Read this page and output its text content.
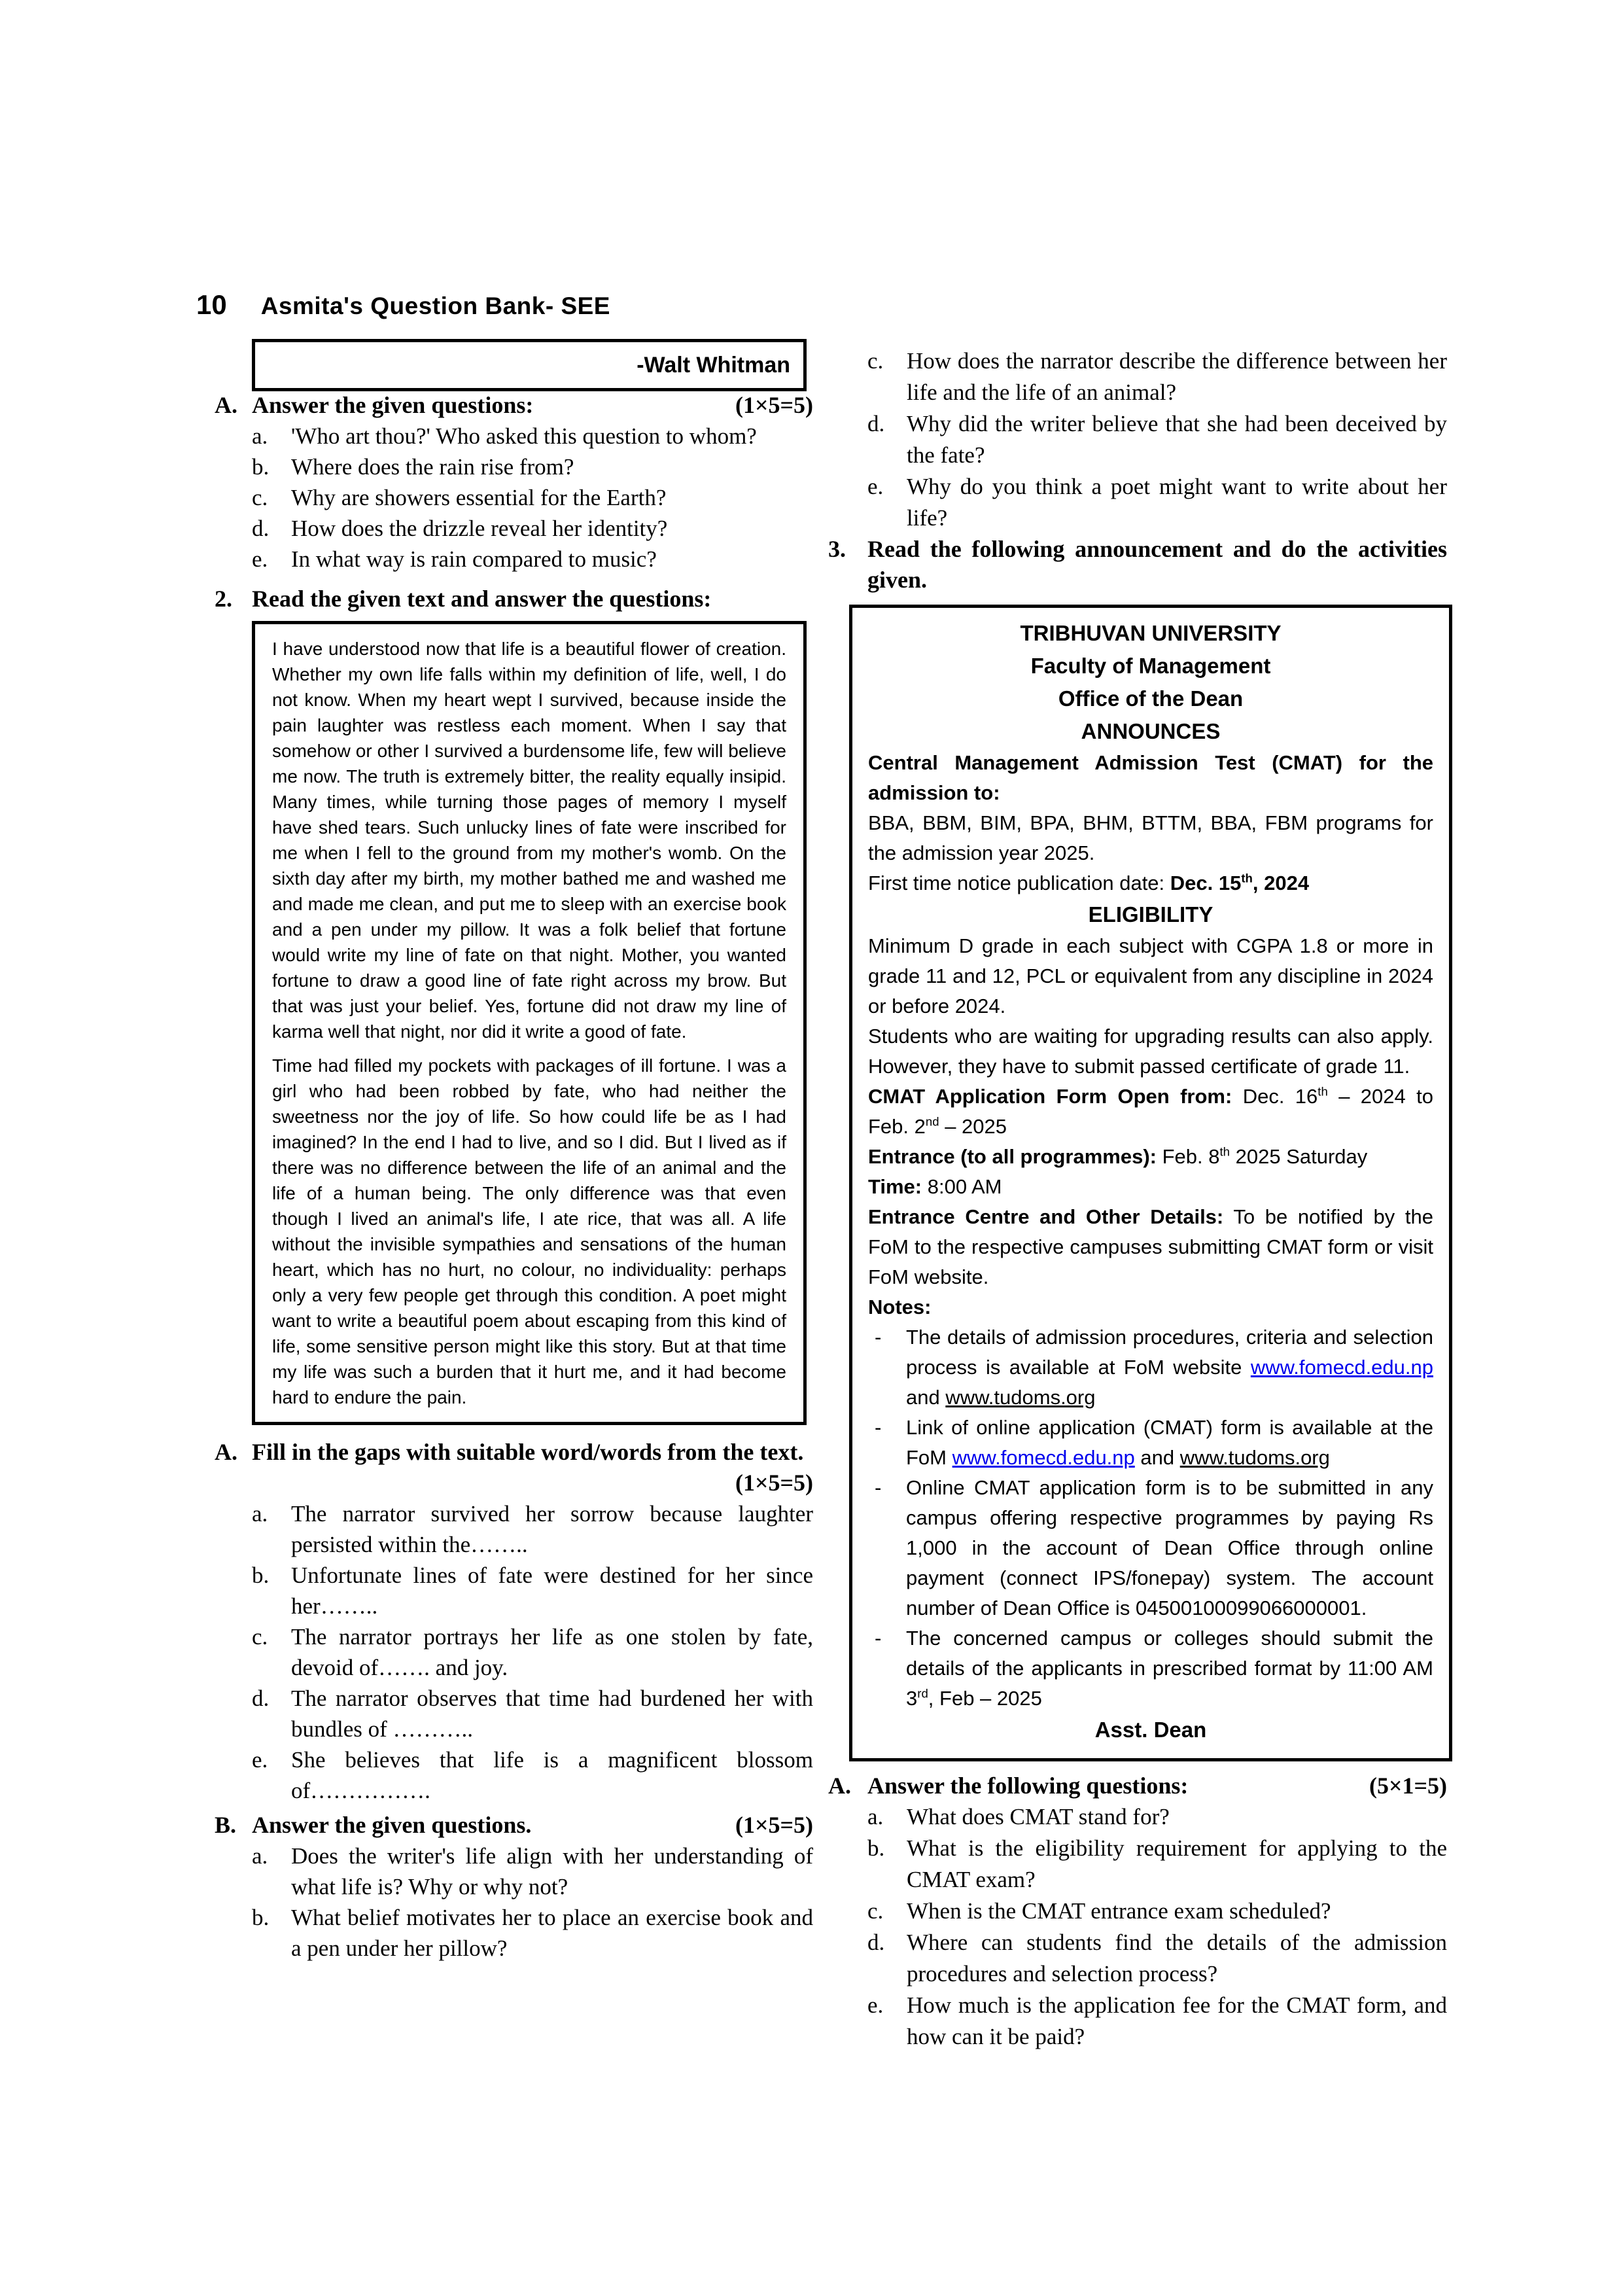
10 Asmita's Question Bank- SEE
-Walt Whitman
A. Answer the given questions:	(1×5=5)
a.	'Who art thou?' Who asked this question to whom?
b. Where does the rain rise from?
c.	Why are showers essential for the Earth?
d. How does the drizzle reveal her identity?
e.	In what way is rain compared to music?
2. Read the given text and answer the questions:

I have understood now that life is a beautiful flower of creation. Whether my own life falls within my definition of life, well, I do not know. When my heart wept I survived, because inside the pain laughter was restless each moment. When I say that somehow or other I survived a burdensome life, few will believe me now. The truth is extremely bitter, the reality equally insipid. Many times, while turning those pages of memory I myself have shed tears. Such unlucky lines of fate were inscribed for me when I fell to the ground from my mother's womb. On the sixth day after my birth, my mother bathed me and washed me and made me clean, and put me to sleep with an exercise book and a pen under my pillow. It was a folk belief that fortune would write my line of fate on that night. Mother, you wanted fortune to draw a good line of fate right across my brow. But that was just your belief. Yes, fortune did not draw my line of karma well that night, nor did it write a good of fate.

Time had filled my pockets with packages of ill fortune. I was a girl who had been robbed by fate, who had neither the sweetness nor the joy of life. So how could life be as I had imagined? In the end I had to live, and so I did. But I lived as if there was no difference between the life of an animal and the life of a human being. The only difference was that even though I lived an animal's life, I ate rice, that was all. A life without the invisible sympathies and sensations of the human heart, which has no hurt, no colour, no individuality: perhaps only a very few people get through this condition. A poet might want to write a beautiful poem about escaping from this kind of life, some sensitive person might like this story. But at that time my life was such a burden that it hurt me, and it had become hard to endure the pain.

A. Fill in the gaps with suitable word/words from the text.
(1×5=5)
a.	The narrator survived her sorrow because laughter persisted within the……..
b. Unfortunate lines of fate were destined for her since her……..
c.	The narrator portrays her life as one stolen by fate, devoid of……. and joy.
d. The narrator observes that time had burdened her with bundles of ………..
e.	She believes that life is a magnificent blossom of…………….
B. Answer the given questions.	(1×5=5)
a.	Does the writer's life align with her understanding of what life is? Why or why not?
b. What belief motivates her to place an exercise book and a pen under her pillow?
c.	How does the narrator describe the difference between her life and the life of an animal?
d. Why did the writer believe that she had been deceived by the fate?
e.	Why do you think a poet might want to write about her life?
3. Read the following announcement and do the activities given.
TRIBHUVAN UNIVERSITY
Faculty of Management
Office of the Dean
ANNOUNCES

Central Management Admission Test (CMAT) for the admission to:

BBA, BBM, BIM, BPA, BHM, BTTM, BBA, FBM programs for the admission year 2025.

First time notice publication date: Dec. 15th, 2024

ELIGIBILITY

Minimum D grade in each subject with CGPA 1.8 or more in grade 11 and 12, PCL or equivalent from any discipline in 2024 or before 2024.

Students who are waiting for upgrading results can also apply. However, they have to submit passed certificate of grade 11.

CMAT Application Form Open from: Dec. 16th – 2024 to Feb. 2nd – 2025

Entrance (to all programmes): Feb. 8th 2025 Saturday

Time: 8:00 AM

Entrance Centre and Other Details: To be notified by the FoM to the respective campuses submitting CMAT form or visit FoM website.

Notes:

- The details of admission procedures, criteria and selection process is available at FoM website www.fomecd.edu.np and www.tudoms.org
- Link of online application (CMAT) form is available at the FoM www.fomecd.edu.np and www.tudoms.org
- Online CMAT application form is to be submitted in any campus offering respective programmes by paying Rs 1,000 in the account of Dean Office through online payment (connect IPS/fonepay) system. The account number of Dean Office is 04500100099066000001.
- The concerned campus or colleges should submit the details of the applicants in prescribed format by 11:00 AM 3rd, Feb – 2025
Asst. Dean
A. Answer the following questions:	(5×1=5)
a.	What does CMAT stand for?
b. What is the eligibility requirement for applying to the CMAT exam?
c.	When is the CMAT entrance exam scheduled?
d. Where can students find the details of the admission procedures and selection process?
e.	How much is the application fee for the CMAT form, and how can it be paid?
